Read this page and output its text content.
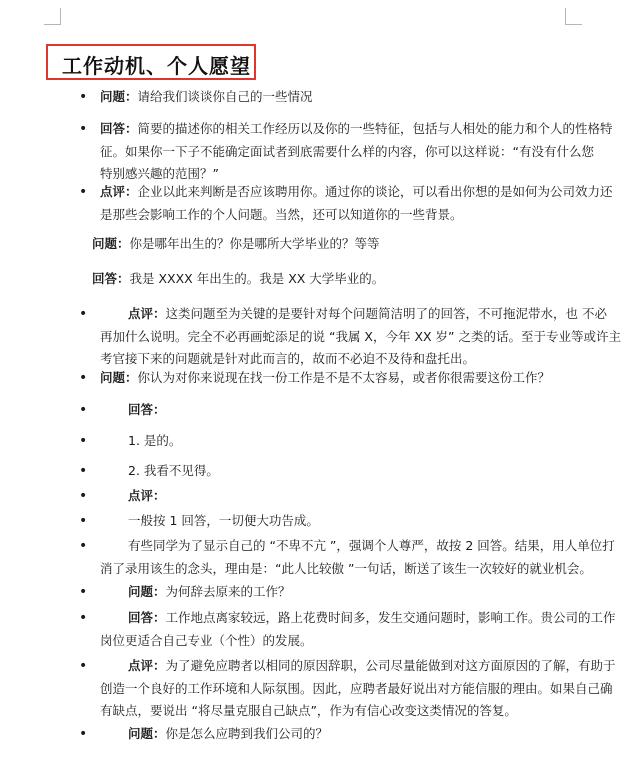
工作动机、个人愿望
• 问题：请给我们谈谈你自己的一些情况
• 回答：简要的描述你的相关工作经历以及你的一些特征，包括与人相处的能力和个人的性格特
征。如果你一下子不能确定面试者到底需要什么样的内容，你可以这样说：“有没有什么您
特别感兴趣的范围？”
• 点评：企业以此来判断是否应该聘用你。通过你的谈论，可以看出你想的是如何为公司效力还
是那些会影响工作的个人问题。当然，还可以知道你的一些背景。
问题：你是哪年出生的？你是哪所大学毕业的？等等
回答：我是 XXXX 年出生的。我是 XX 大学毕业的。
•	点评：这类问题至为关键的是要针对每个问题简洁明了的回答，不可拖泥带水，也 不必
再加什么说明。完全不必再画蛇添足的说 “我属 X，今年 XX 岁” 之类的话。至于专业等或许主
考官接下来的问题就是针对此而言的，故而不必迫不及待和盘托出。
• 问题：你认为对你来说现在找一份工作是不是不太容易，或者你很需要这份工作？
•	回答：
•	1. 是的。
•	2. 我看不见得。
•	点评：
•	一般按 1 回答，一切便大功告成。
•	有些同学为了显示自己的 “不卑不亢 ”，强调个人尊严，故按 2 回答。结果，用人单位打
消了录用该生的念头，理由是：“此人比较傲 ”一句话，断送了该生一次较好的就业机会。
•	问题：为何辞去原来的工作？
•	回答：工作地点离家较远，路上花费时间多，发生交通问题时，影响工作。贵公司的工作
岗位更适合自己专业（个性）的发展。
•	点评：为了避免应聘者以相同的原因辞职，公司尽量能做到对这方面原因的了解，有助于
创造一个良好的工作环境和人际氛围。因此，应聘者最好说出对方能信服的理由。如果自己确
有缺点，要说出 “将尽量克服自己缺点”，作为有信心改变这类情况的答复。
•	问题：你是怎么应聘到我们公司的？
